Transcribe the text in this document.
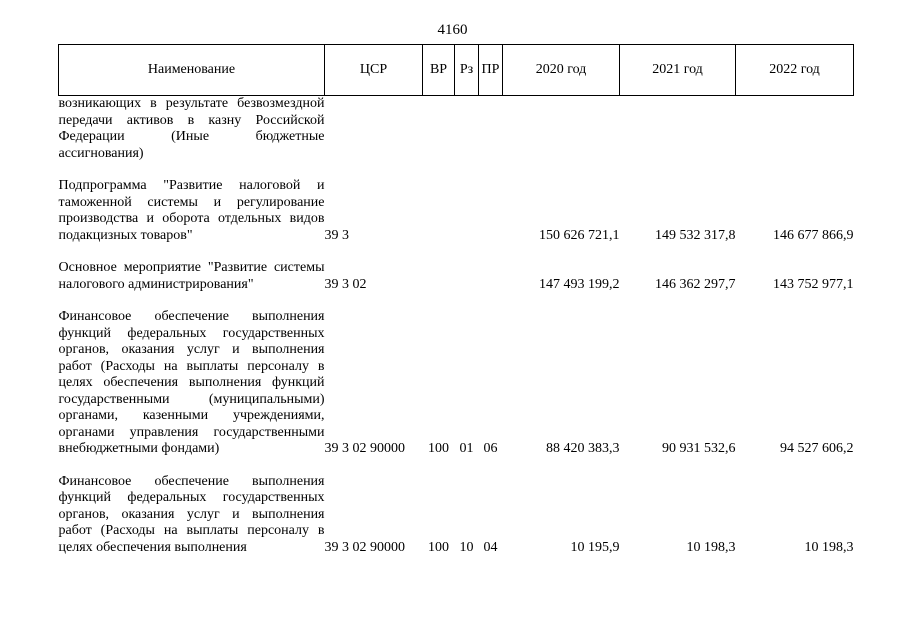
4160
Наименование	ЦСР	ВР	Рз	ПР	2020 год	2021 год	2022 год
возникающих в результате безвозмездной передачи активов в казну Российской Федерации (Иные бюджетные ассигнования)							

Подпрограмма "Развитие налоговой и таможенной системы и регулирование производства и оборота отдельных видов подакцизных товаров"	39 3				150 626 721,1	149 532 317,8	146 677 866,9

Основное мероприятие "Развитие системы налогового администрирования"	39 3 02				147 493 199,2	146 362 297,7	143 752 977,1

Финансовое обеспечение выполнения функций федеральных государственных органов, оказания услуг и выполнения работ (Расходы на выплаты персоналу в целях обеспечения выполнения функций государственными (муниципальными) органами, казенными учреждениями, органами управления государственными внебюджетными фондами)	39 3 02 90000	100	01	06	88 420 383,3	90 931 532,6	94 527 606,2

Финансовое обеспечение выполнения функций федеральных государственных органов, оказания услуг и выполнения работ (Расходы на выплаты персоналу в целях обеспечения выполнения	39 3 02 90000	100	10	04	10 195,9	10 198,3	10 198,3
